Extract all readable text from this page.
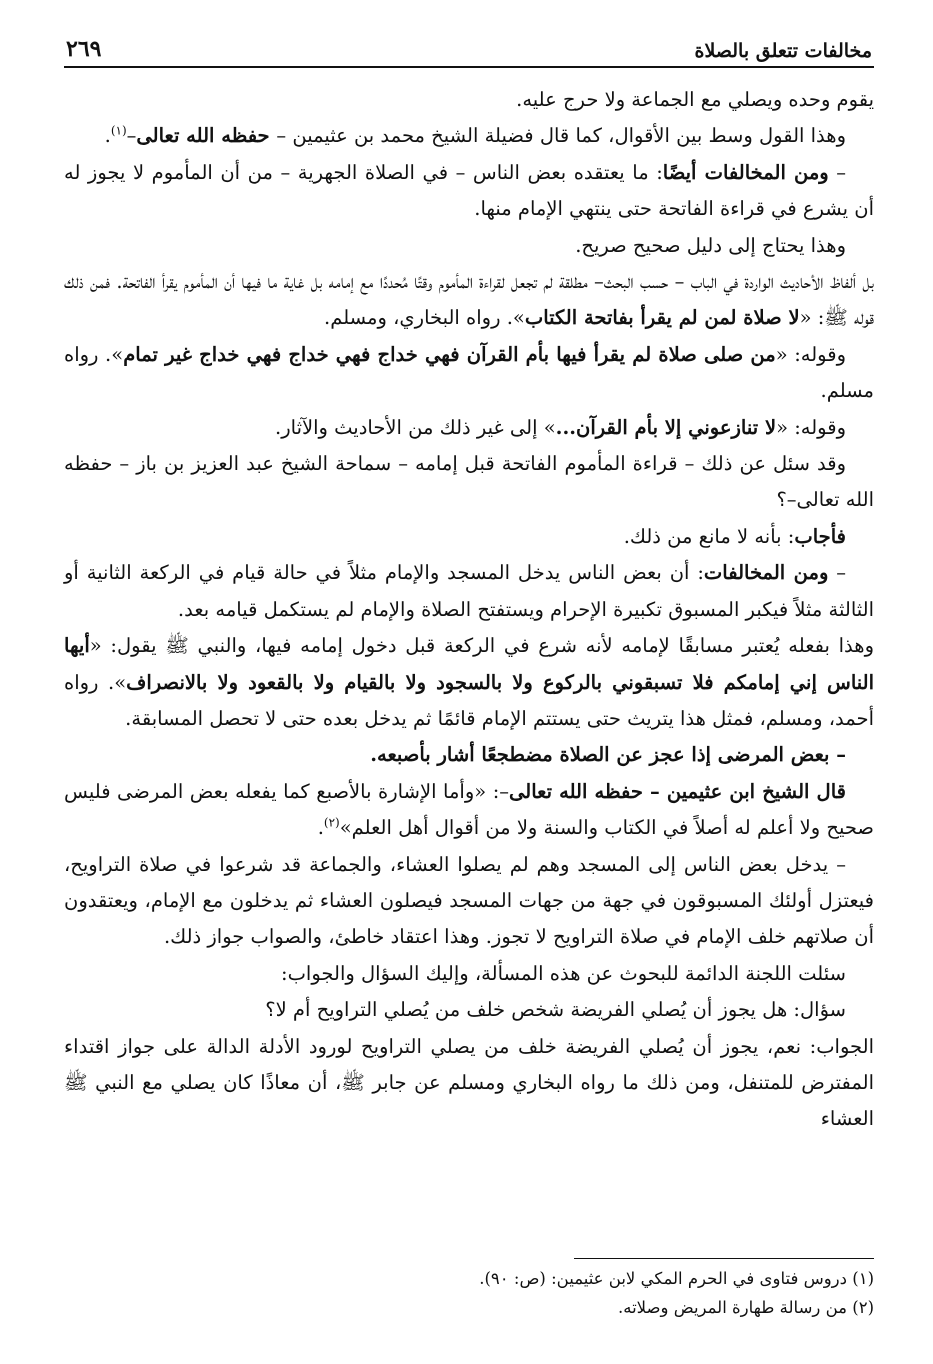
مخالفات تتعلق بالصلاة
٢٦٩

يقوم وحده ويصلي مع الجماعة ولا حرج عليه.

وهذا القول وسط بين الأقوال، كما قال فضيلة الشيخ محمد بن عثيمين – حفظه الله تعالى–$^{(١)}$.

– ومن المخالفات أيضًا: ما يعتقده بعض الناس – في الصلاة الجهرية – من أن المأموم لا يجوز له أن يشرع في قراءة الفاتحة حتى ينتهي الإمام منها.

وهذا يحتاج إلى دليل صحيح صريح.

بل ألفاظ الأحاديث الواردة في الباب – حسب البحث– مطلقة لم تجعل لقراءة المأموم وقتًا مُحددًا مع إمامه بل غاية ما فيها أن المأموم يقرأ الفاتحة. فمن ذلك قوله ﷺ: «لا صلاة لمن لم يقرأ بفاتحة الكتاب». رواه البخاري، ومسلم.

وقوله: «من صلى صلاة لم يقرأ فيها بأم القرآن فهي خداج فهي خداج فهي خداج غير تمام». رواه مسلم.

وقوله: «لا تنازعوني إلا بأم القرآن...» إلى غير ذلك من الأحاديث والآثار.

وقد سئل عن ذلك – قراءة المأموم الفاتحة قبل إمامه – سماحة الشيخ عبد العزيز بن باز – حفظه الله تعالى–؟

فأجاب: بأنه لا مانع من ذلك.

– ومن المخالفات: أن بعض الناس يدخل المسجد والإمام مثلاً في حالة قيام في الركعة الثانية أو الثالثة مثلاً فيكبر المسبوق تكبيرة الإحرام ويستفتح الصلاة والإمام لم يستكمل قيامه بعد.

وهذا بفعله يُعتبر مسابقًا لإمامه لأنه شرع في الركعة قبل دخول إمامه فيها، والنبي ﷺ يقول: «أيها الناس إني إمامكم فلا تسبقوني بالركوع ولا بالسجود ولا بالقيام ولا بالقعود ولا بالانصراف». رواه أحمد، ومسلم، فمثل هذا يتريث حتى يستتم الإمام قائمًا ثم يدخل بعده حتى لا تحصل المسابقة.

– بعض المرضى إذا عجز عن الصلاة مضطجعًا أشار بأصبعه.

قال الشيخ ابن عثيمين – حفظه الله تعالى–: «وأما الإشارة بالأصبع كما يفعله بعض المرضى فليس صحيح ولا أعلم له أصلاً في الكتاب والسنة ولا من أقوال أهل العلم»$^{(٢)}$.

– يدخل بعض الناس إلى المسجد وهم لم يصلوا العشاء، والجماعة قد شرعوا في صلاة التراويح، فيعتزل أولئك المسبوقون في جهة من جهات المسجد فيصلون العشاء ثم يدخلون مع الإمام، ويعتقدون أن صلاتهم خلف الإمام في صلاة التراويح لا تجوز. وهذا اعتقاد خاطئ، والصواب جواز ذلك.

سئلت اللجنة الدائمة للبحوث عن هذه المسألة، وإليك السؤال والجواب:

سؤال: هل يجوز أن يُصلي الفريضة شخص خلف من يُصلي التراويح أم لا؟

الجواب: نعم، يجوز أن يُصلي الفريضة خلف من يصلي التراويح لورود الأدلة الدالة على جواز اقتداء المفترض للمتنفل، ومن ذلك ما رواه البخاري ومسلم عن جابر ﷺ، أن معاذًا كان يصلي مع النبي ﷺ العشاء

(١) دروس فتاوى في الحرم المكي لابن عثيمين: (ص: ٩٠).

(٢) من رسالة طهارة المريض وصلاته.
